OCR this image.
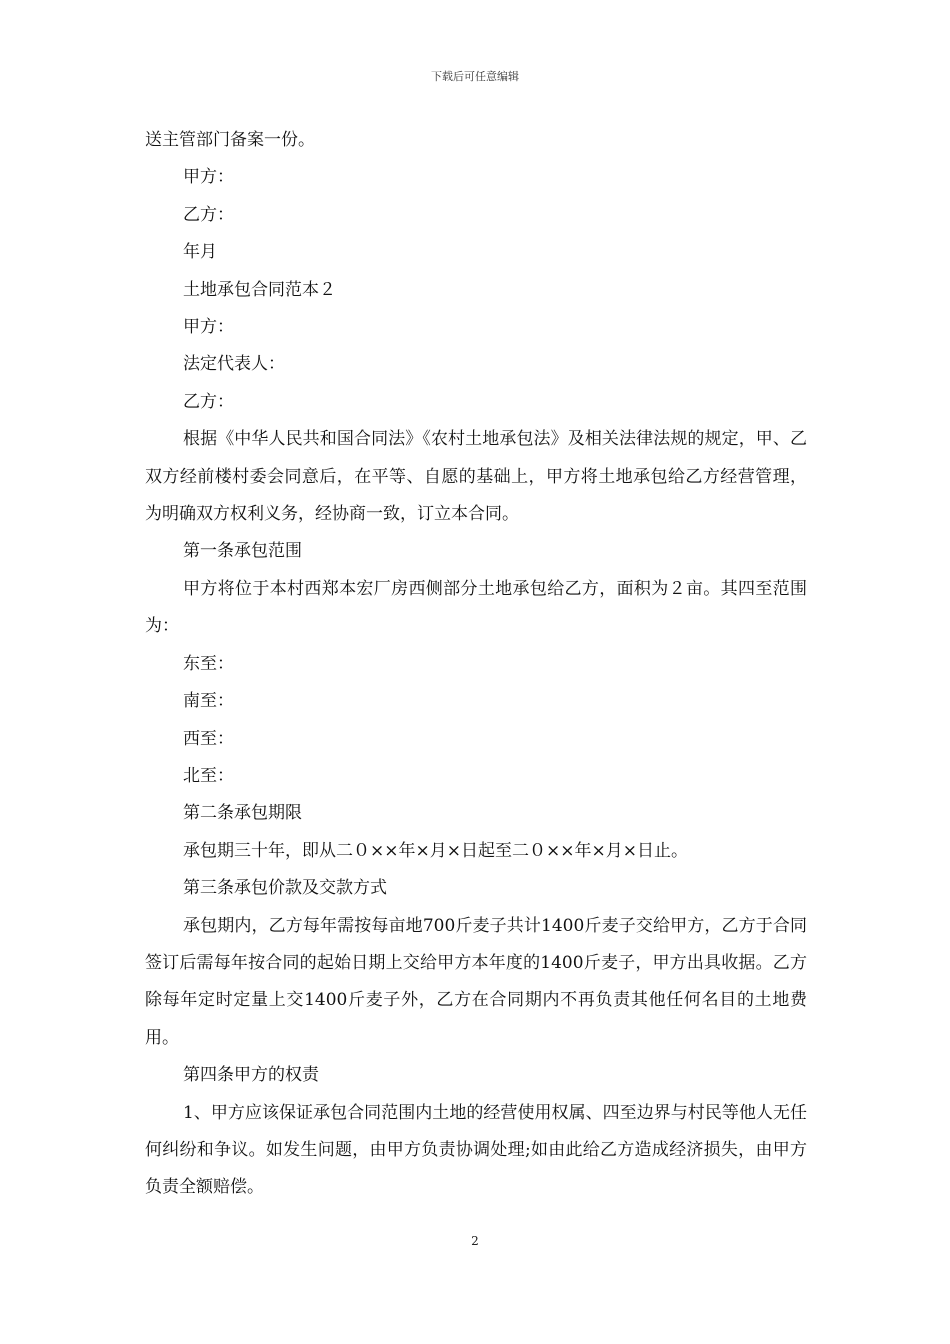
下载后可任意编辑

送主管部门备案一份。

甲方：

乙方：

年月

土地承包合同范本２

甲方：

法定代表人：

乙方：

根据《中华人民共和国合同法》《农村土地承包法》及相关法律法规的规定，甲、乙双方经前楼村委会同意后，在平等、自愿的基础上，甲方将土地承包给乙方经营管理，为明确双方权利义务，经协商一致，订立本合同。

第一条承包范围

甲方将位于本村西郑本宏厂房西侧部分土地承包给乙方，面积为２亩。其四至范围为：

东至：

南至：

西至：

北至：

第二条承包期限

承包期三十年，即从二０××年×月×日起至二０××年×月×日止。

第三条承包价款及交款方式

承包期内，乙方每年需按每亩地700斤麦子共计1400斤麦子交给甲方，乙方于合同签订后需每年按合同的起始日期上交给甲方本年度的1400斤麦子，甲方出具收据。乙方除每年定时定量上交1400斤麦子外，乙方在合同期内不再负责其他任何名目的土地费用。

第四条甲方的权责

1、甲方应该保证承包合同范围内土地的经营使用权属、四至边界与村民等他人无任何纠纷和争议。如发生问题，由甲方负责协调处理;如由此给乙方造成经济损失，由甲方负责全额赔偿。

2
